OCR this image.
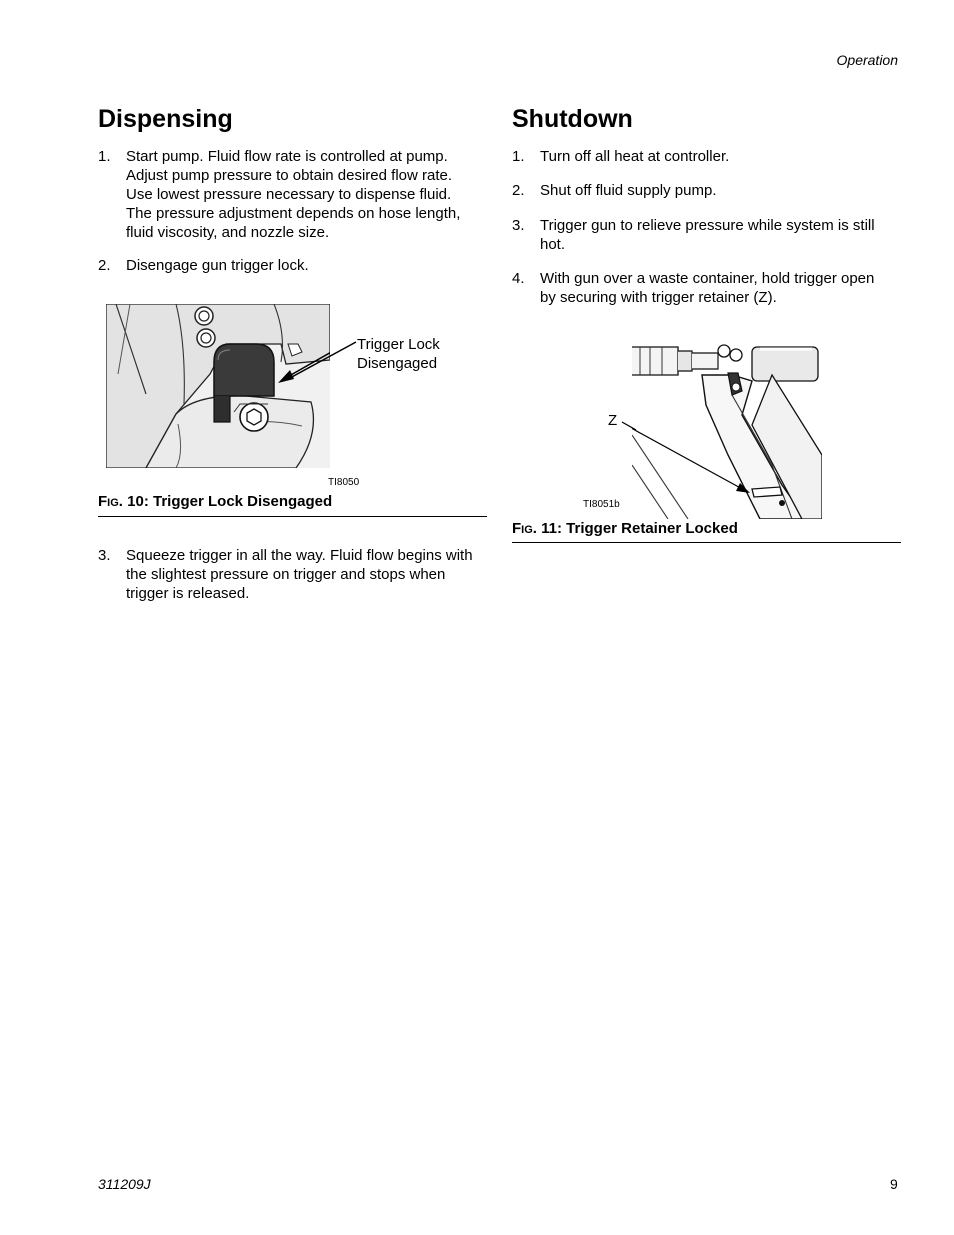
Operation
Dispensing
1. Start pump. Fluid flow rate is controlled at pump.
Adjust pump pressure to obtain desired flow rate.
Use lowest pressure necessary to dispense fluid.
The pressure adjustment depends on hose length,
fluid viscosity, and nozzle size.
2. Disengage gun trigger lock.
Trigger Lock
Disengaged
TI8050
FIG. 10: Trigger Lock Disengaged
3. Squeeze trigger in all the way. Fluid flow begins with
the slightest pressure on trigger and stops when
trigger is released.
Shutdown
1. Turn off all heat at controller.
2. Shut off fluid supply pump.
3. Trigger gun to relieve pressure while system is still
hot.
4. With gun over a waste container, hold trigger open
by securing with trigger retainer (Z).
Z
TI8051b
FIG. 11: Trigger Retainer Locked
311209J	9
